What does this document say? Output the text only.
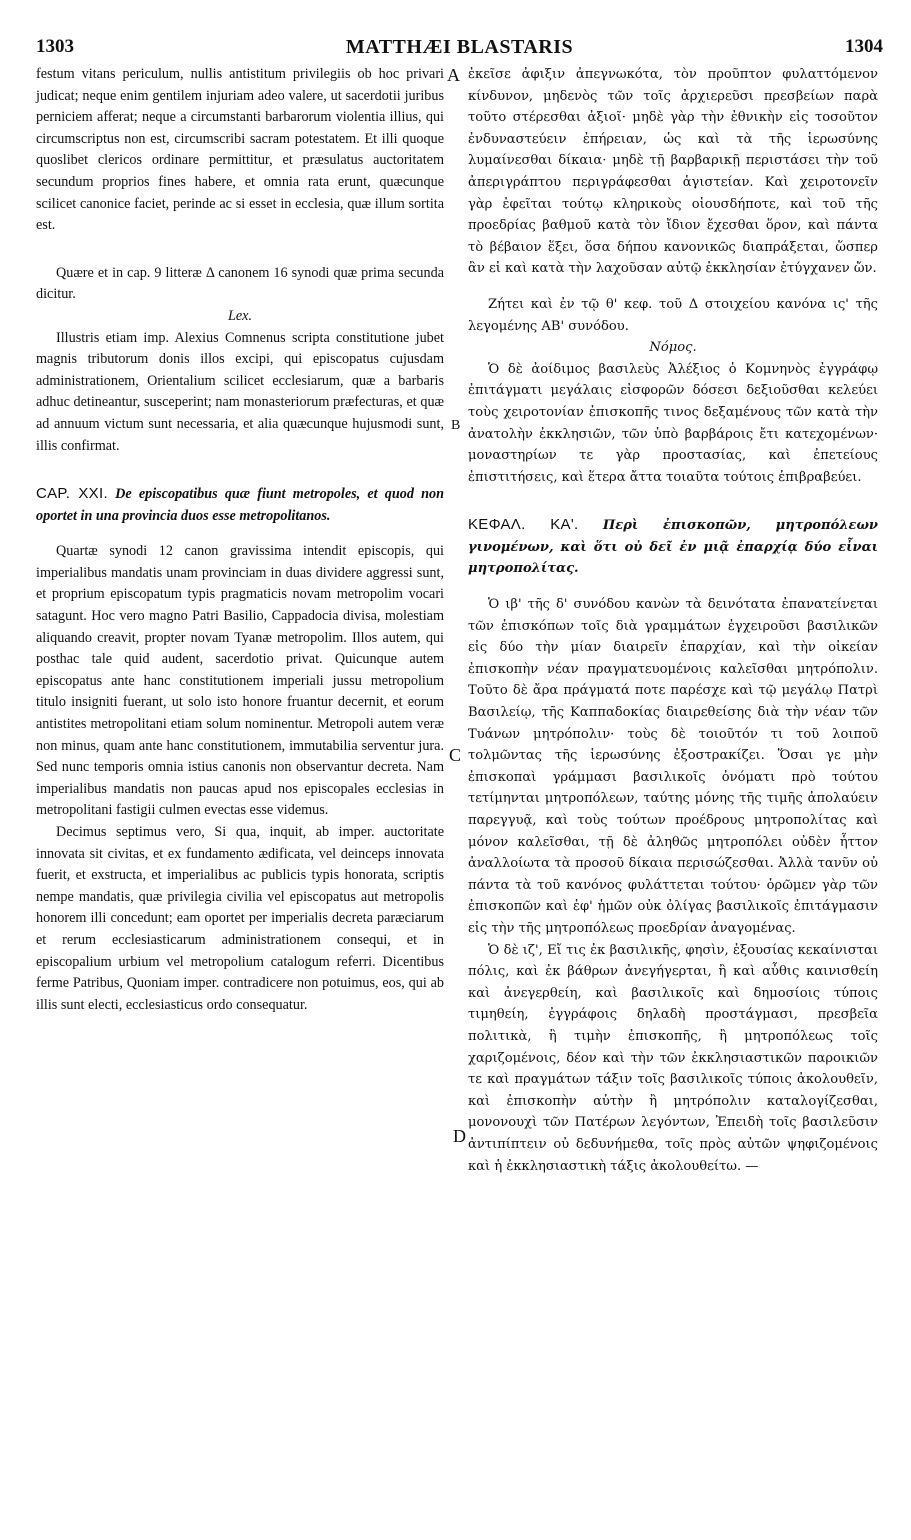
1303	MATTHÆI BLASTARIS	1304
A
B
C
D

festum vitans periculum, nullis antistitum privilegiis ob hoc privari judicat; neque enim gentilem injuriam adeo valere, ut sacerdotii juribus perniciem afferat; neque a circumstanti barbarorum violentia illius, qui circumscriptus non est, circumscribi sacram potestatem. Et illi quoque quoslibet clericos ordinare permittitur, et præsulatus auctoritatem secundum proprios fines habere, et omnia rata erunt, quæcunque scilicet canonice faciet, perinde ac si esset in ecclesia, quæ illum sortita est.

Quære et in cap. 9 litteræ Δ canonem 16 synodi quæ prima secunda dicitur.

Lex.

Illustris etiam imp. Alexius Comnenus scripta constitutione jubet magnis tributorum donis illos excipi, qui episcopatus cujusdam administrationem, Orientalium scilicet ecclesiarum, quæ a barbaris adhuc detineantur, susceperint; nam monasteriorum præfecturas, et quæ ad annuum victum sunt necessaria, et alia quæcunque hujusmodi sunt, illis confirmat.

CAP. XXI. De episcopatibus quæ fiunt metropoles, et quod non oportet in una provincia duos esse metropolitanos.

Quartæ synodi 12 canon gravissima intendit episcopis, qui imperialibus mandatis unam provinciam in duas dividere aggressi sunt, et proprium episcopatum typis pragmaticis novam metropolim vocari satagunt. Hoc vero magno Patri Basilio, Cappadocia divisa, molestiam aliquando creavit, propter novam Tyanæ metropolim. Illos autem, qui posthac tale quid audent, sacerdotio privat. Quicunque autem episcopatus ante hanc constitutionem imperiali jussu metropolium titulo insigniti fuerant, ut solo isto honore fruantur decernit, et eorum antistites metropolitani etiam solum nominentur. Metropoli autem veræ non minus, quam ante hanc constitutionem, immutabilia serventur jura. Sed nunc temporis omnia istius canonis non observantur decreta. Nam imperialibus mandatis non paucas apud nos episcopales ecclesias in metropolitani fastigii culmen evectas esse videmus.

Decimus septimus vero, Si qua, inquit, ab imper. auctoritate innovata sit civitas, et ex fundamento ædificata, vel deinceps innovata fuerit, et exstructa, et imperialibus ac publicis typis honorata, scriptis nempe mandatis, quæ privilegia civilia vel episcopatus aut metropolis honorem illi concedunt; eam oportet per imperialis decreta paræciarum et rerum ecclesiasticarum administrationem consequi, et in episcopalium urbium vel metropolium catalogum referri. Dicentibus ferme Patribus, Quoniam imper. contradicere non potuimus, eos, qui ab illis sunt electi, ecclesiasticus ordo consequatur.

ἐκεῖσε ἀφιξιν ἀπεγνωκότα, τὸν προῦπτον φυλαττόμενον κίνδυνον, μηδενὸς τῶν τοῖς ἀρχιερεῦσι πρεσβείων παρὰ τοῦτο στέρεσθαι ἀξιοῖ· μηδὲ γὰρ τὴν ἐθνικὴν εἰς τοσοῦτον ἐνδυναστεύειν ἐπήρειαν, ὡς καὶ τὰ τῆς ἱερωσύνης λυμαίνεσθαι δίκαια· μηδὲ τῇ βαρβαρικῇ περιστάσει τὴν τοῦ ἀπεριγράπτου περιγράφεσθαι ἁγιστείαν. Καὶ χειροτονεῖν γὰρ ἐφεῖται τούτῳ κληρικοὺς οἱουσδήποτε, καὶ τοῦ τῆς προεδρίας βαθμοῦ κατὰ τὸν ἴδιον ἔχεσθαι ὅρον, καὶ πάντα τὸ βέβαιον ἕξει, ὅσα δήπου κανονικῶς διαπράξεται, ὥσπερ ἂν εἰ καὶ κατὰ τὴν λαχοῦσαν αὐτῷ ἐκκλησίαν ἐτύγχανεν ὤν.

Ζήτει καὶ ἐν τῷ θ' κεφ. τοῦ Δ στοιχείου κανόνα ις' τῆς λεγομένης ΑΒ' συνόδου.

Νόμος.

Ὁ δὲ ἀοίδιμος βασιλεὺς Ἀλέξιος ὁ Κομνηνὸς ἐγγράφῳ ἐπιτάγματι μεγάλαις εἰσφορῶν δόσεσι δεξιοῦσθαι κελεύει τοὺς χειροτονίαν ἐπισκοπῆς τινος δεξαμένους τῶν κατὰ τὴν ἀνατολὴν ἐκκλησιῶν, τῶν ὑπὸ βαρβάροις ἔτι κατεχομένων· μοναστηρίων τε γὰρ προστασίας, καὶ ἐπετείους ἐπιστιτήσεις, καὶ ἕτερα ἄττα τοιαῦτα τούτοις ἐπιβραβεύει.

ΚΕΦΑΛ. ΚΑ'. Περὶ ἐπισκοπῶν, μητροπόλεων γινομένων, καὶ ὅτι οὐ δεῖ ἐν μιᾷ ἐπαρχίᾳ δύο εἶναι μητροπολίτας.

Ὁ ιβ' τῆς δ' συνόδου κανὼν τὰ δεινότατα ἐπανατείνεται τῶν ἐπισκόπων τοῖς διὰ γραμμάτων ἐγχειροῦσι βασιλικῶν εἰς δύο τὴν μίαν διαιρεῖν ἐπαρχίαν, καὶ τὴν οἰκείαν ἐπισκοπὴν νέαν πραγματευομένοις καλεῖσθαι μητρόπολιν. Τοῦτο δὲ ἄρα πράγματά ποτε παρέσχε καὶ τῷ μεγάλῳ Πατρὶ Βασιλείῳ, τῆς Καππαδοκίας διαιρεθείσης διὰ τὴν νέαν τῶν Τυάνων μητρόπολιν· τοὺς δὲ τοιοῦτόν τι τοῦ λοιποῦ τολμῶντας τῆς ἱερωσύνης ἐξοστρακίζει. Ὅσαι γε μὴν ἐπισκοπαὶ γράμμασι βασιλικοῖς ὀνόματι πρὸ τούτου τετίμηνται μητροπόλεων, ταύτης μόνης τῆς τιμῆς ἀπολαύειν παρεγγυᾷ, καὶ τοὺς τούτων προέδρους μητροπολίτας καὶ μόνον καλεῖσθαι, τῇ δὲ ἀληθῶς μητροπόλει οὐδὲν ἧττον ἀναλλοίωτα τὰ προσοῦ δίκαια περισώζεσθαι. Ἀλλὰ τανῦν οὐ πάντα τὰ τοῦ κανόνος φυλάττεται τούτου· ὁρῶμεν γὰρ τῶν ἐπισκοπῶν καὶ ἐφ' ἡμῶν οὐκ ὀλίγας βασιλικοῖς ἐπιτάγμασιν εἰς τὴν τῆς μητροπόλεως προεδρίαν ἀναγομένας.

Ὁ δὲ ιζ', Εἴ τις ἐκ βασιλικῆς, φησὶν, ἐξουσίας κεκαίνισται πόλις, καὶ ἐκ βάθρων ἀνεγήγερται, ἢ καὶ αὖθις καινισθείη καὶ ἀνεγερθείη, καὶ βασιλικοῖς καὶ δημοσίοις τύποις τιμηθείη, ἐγγράφοις δηλαδὴ προστάγμασι, πρεσβεῖα πολιτικὰ, ἢ τιμὴν ἐπισκοπῆς, ἢ μητροπόλεως τοῖς χαριζομένοις, δέον καὶ τὴν τῶν ἐκκλησιαστικῶν παροικιῶν τε καὶ πραγμάτων τάξιν τοῖς βασιλικοῖς τύποις ἀκολουθεῖν, καὶ ἐπισκοπὴν αὐτὴν ἢ μητρόπολιν καταλογίζεσθαι, μονονουχὶ τῶν Πατέρων λεγόντων, Ἐπειδὴ τοῖς βασιλεῦσιν ἀντιπίπτειν οὐ δεδυνήμεθα, τοῖς πρὸς αὐτῶν ψηφιζομένοις καὶ ἡ ἐκκλησιαστικὴ τάξις ἀκολουθείτω. —
